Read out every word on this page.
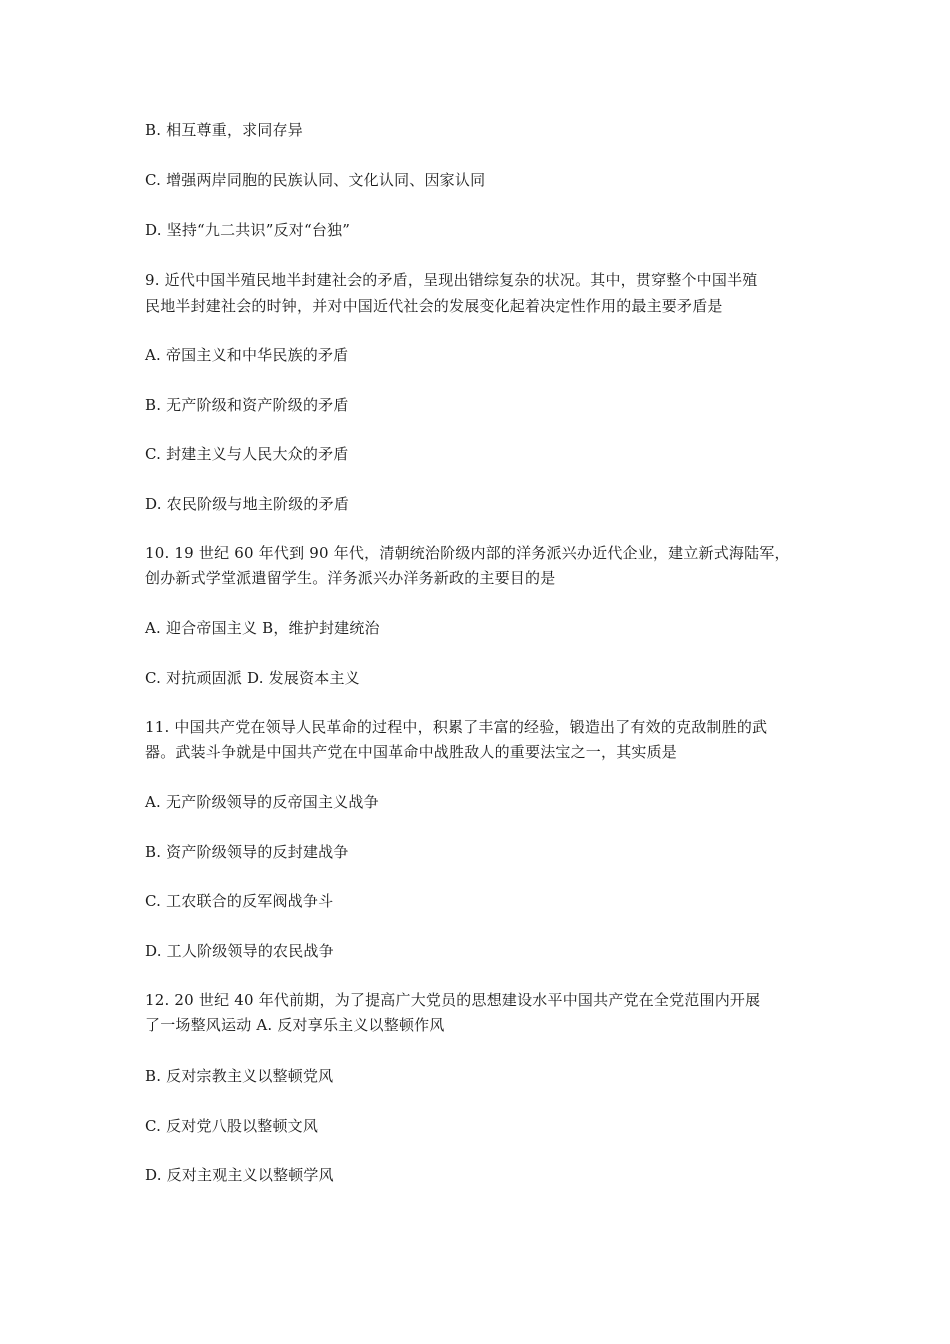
B. 相互尊重，求同存异
C. 增强两岸同胞的民族认同、文化认同、因家认同
D. 坚持“九二共识”反对“台独”
9. 近代中国半殖民地半封建社会的矛盾，呈现出错综复杂的状况。其中，贯穿整个中国半殖
民地半封建社会的时钟，并对中国近代社会的发展变化起着决定性作用的最主要矛盾是
A. 帝国主义和中华民族的矛盾
B. 无产阶级和资产阶级的矛盾
C. 封建主义与人民大众的矛盾
D. 农民阶级与地主阶级的矛盾
10. 19 世纪 60 年代到 90 年代，清朝统治阶级内部的洋务派兴办近代企业，建立新式海陆军，
创办新式学堂派遣留学生。洋务派兴办洋务新政的主要目的是
A. 迎合帝国主义 B，维护封建统治
C. 对抗顽固派 D. 发展资本主义
11. 中国共产党在领导人民革命的过程中，积累了丰富的经验，锻造出了有效的克敌制胜的武
器。武装斗争就是中国共产党在中国革命中战胜敌人的重要法宝之一，其实质是
A. 无产阶级领导的反帝国主义战争
B. 资产阶级领导的反封建战争
C. 工农联合的反军阀战争斗
D. 工人阶级领导的农民战争
12. 20 世纪 40 年代前期，为了提高广大党员的思想建设水平中国共产党在全党范围内开展
了一场整风运动 A. 反对享乐主义以整顿作风
B. 反对宗教主义以整顿党风
C. 反对党八股以整顿文风
D. 反对主观主义以整顿学风
